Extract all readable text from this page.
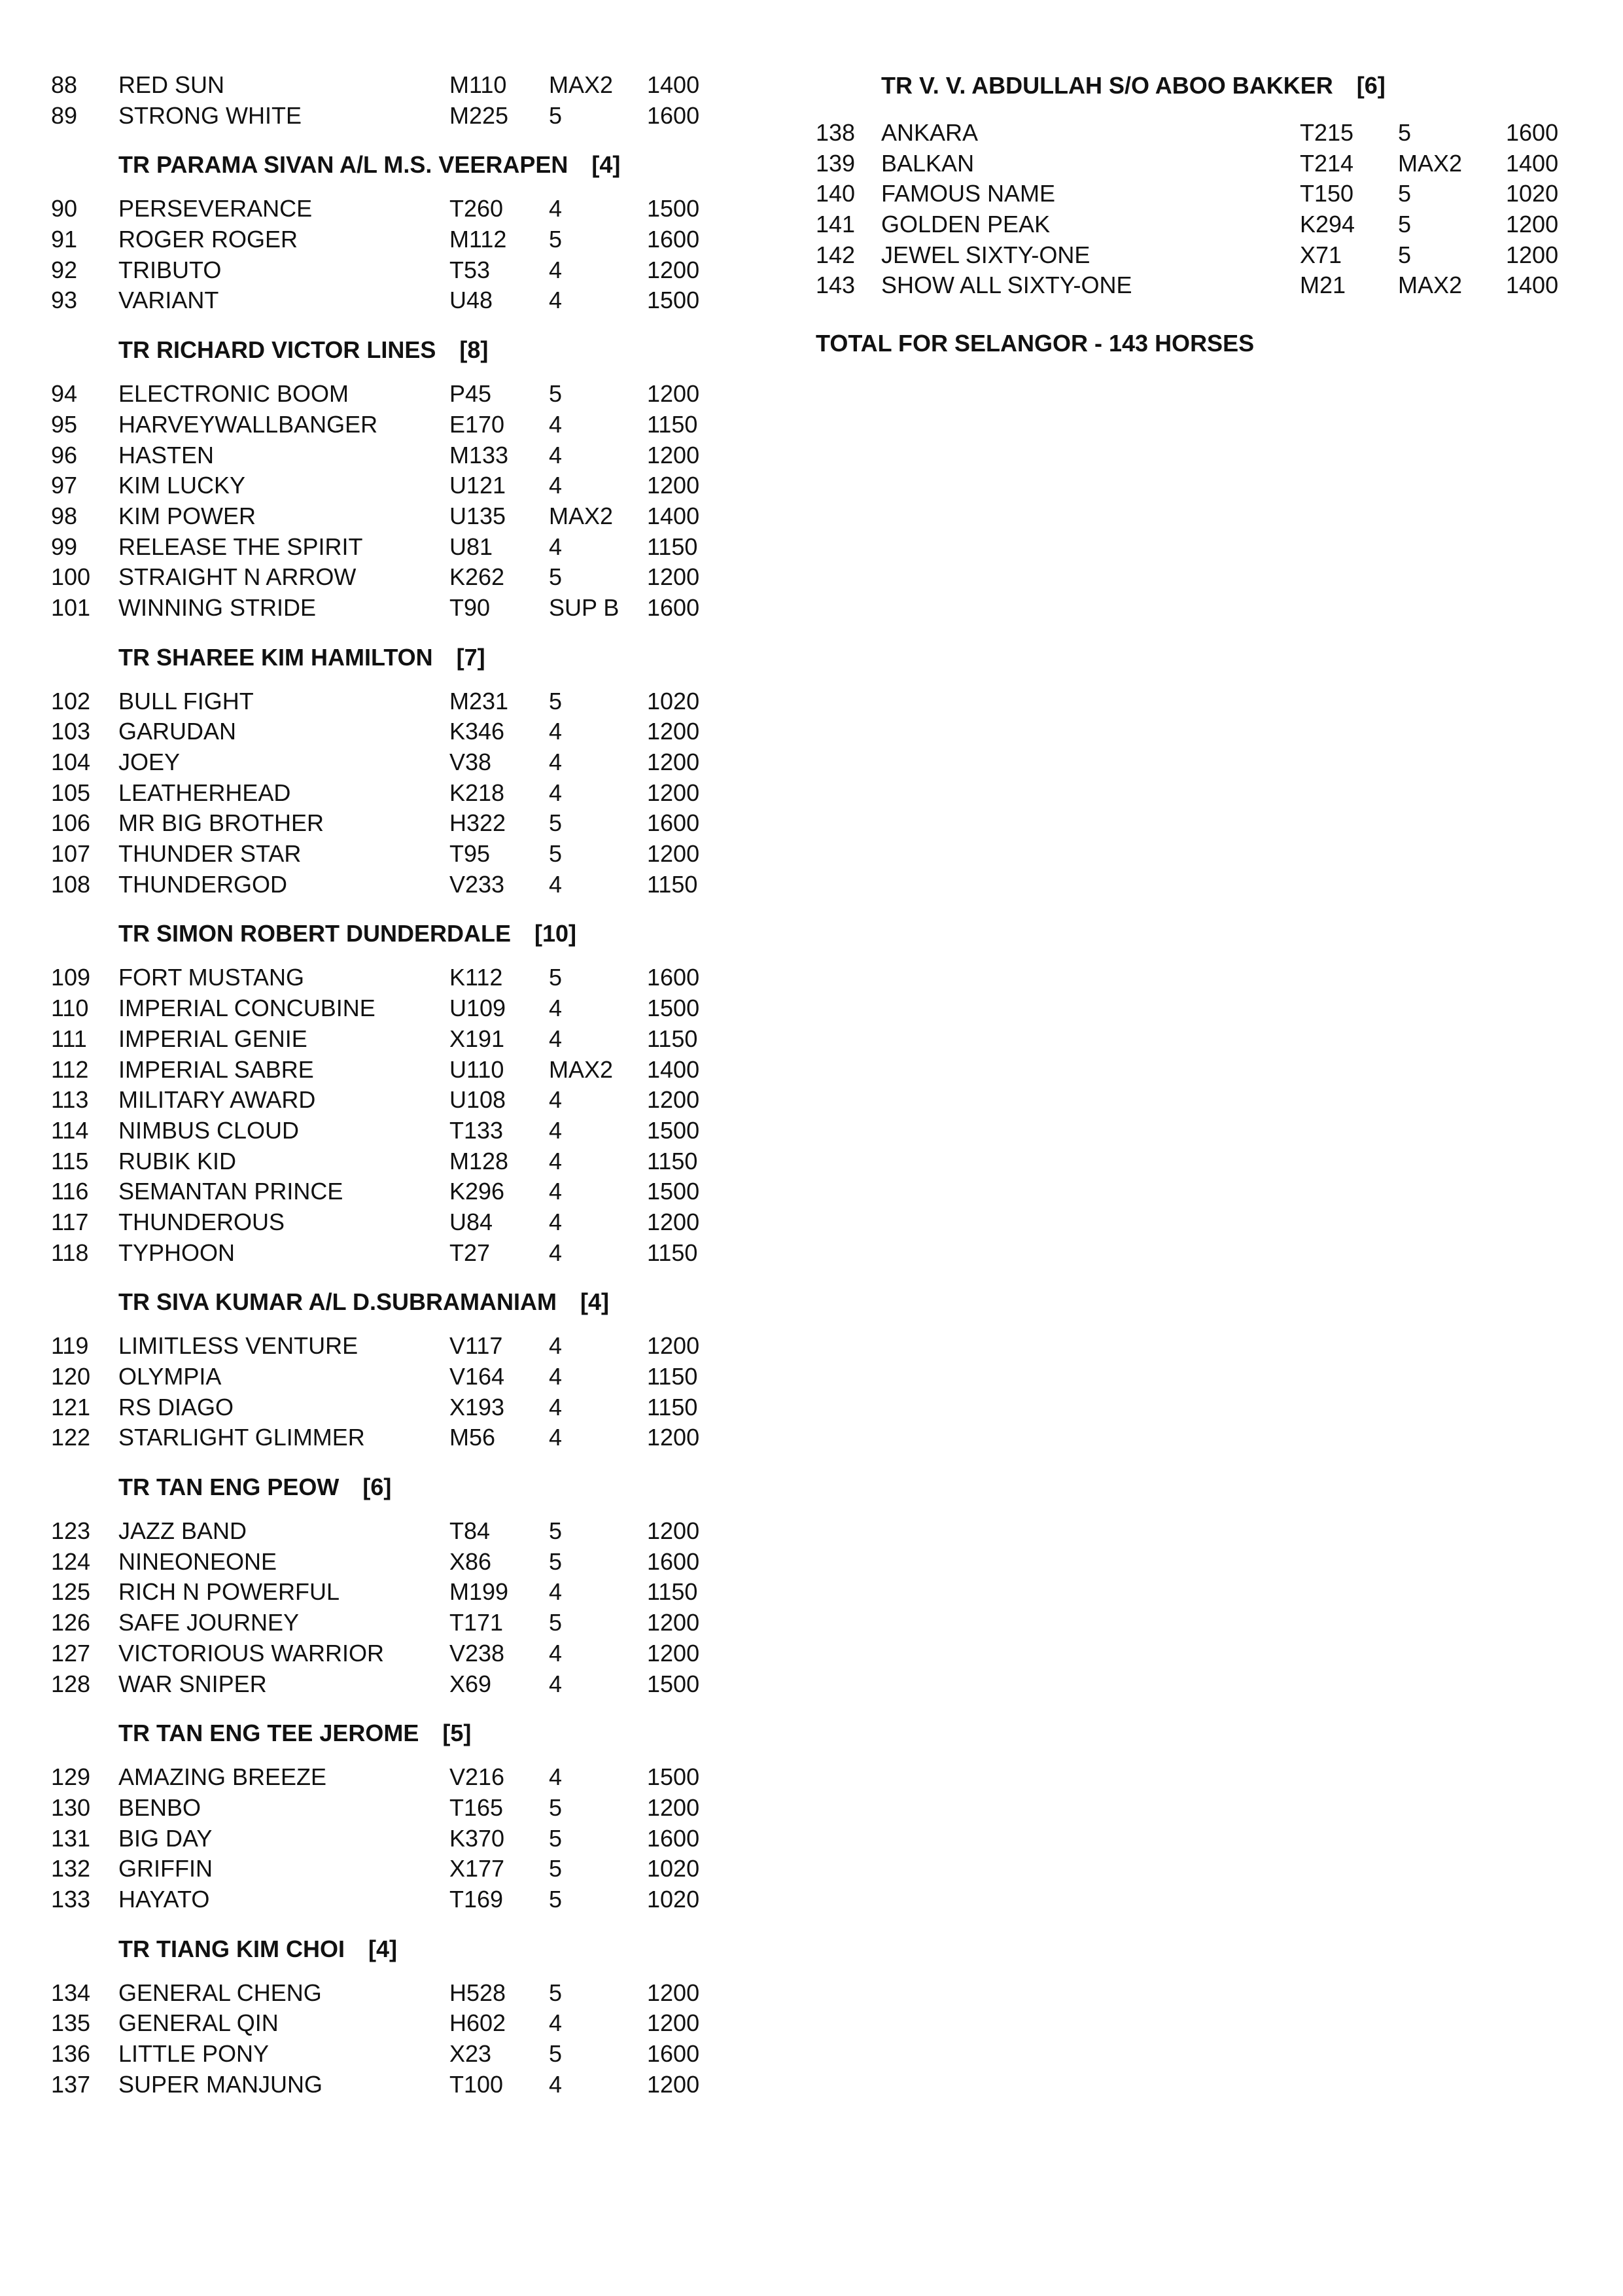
88	RED SUN	M110	MAX2	1400
89	STRONG WHITE	M225	5	1600
TR PARAMA SIVAN A/L M.S. VEERAPEN [4]
90	PERSEVERANCE	T260	4	1500
91	ROGER ROGER	M112	5	1600
92	TRIBUTO	T53	4	1200
93	VARIANT	U48	4	1500
TR RICHARD VICTOR LINES [8]
94	ELECTRONIC BOOM	P45	5	1200
95	HARVEYWALLBANGER	E170	4	1150
96	HASTEN	M133	4	1200
97	KIM LUCKY	U121	4	1200
98	KIM POWER	U135	MAX2	1400
99	RELEASE THE SPIRIT	U81	4	1150
100	STRAIGHT N ARROW	K262	5	1200
101	WINNING STRIDE	T90	SUP B	1600
TR SHAREE KIM HAMILTON [7]
102	BULL FIGHT	M231	5	1020
103	GARUDAN	K346	4	1200
104	JOEY	V38	4	1200
105	LEATHERHEAD	K218	4	1200
106	MR BIG BROTHER	H322	5	1600
107	THUNDER STAR	T95	5	1200
108	THUNDERGOD	V233	4	1150
TR SIMON ROBERT DUNDERDALE [10]
109	FORT MUSTANG	K112	5	1600
110	IMPERIAL CONCUBINE	U109	4	1500
111	IMPERIAL GENIE	X191	4	1150
112	IMPERIAL SABRE	U110	MAX2	1400
113	MILITARY AWARD	U108	4	1200
114	NIMBUS CLOUD	T133	4	1500
115	RUBIK KID	M128	4	1150
116	SEMANTAN PRINCE	K296	4	1500
117	THUNDEROUS	U84	4	1200
118	TYPHOON	T27	4	1150
TR SIVA KUMAR A/L D.SUBRAMANIAM [4]
119	LIMITLESS VENTURE	V117	4	1200
120	OLYMPIA	V164	4	1150
121	RS DIAGO	X193	4	1150
122	STARLIGHT GLIMMER	M56	4	1200
TR TAN ENG PEOW [6]
123	JAZZ BAND	T84	5	1200
124	NINEONEONE	X86	5	1600
125	RICH N POWERFUL	M199	4	1150
126	SAFE JOURNEY	T171	5	1200
127	VICTORIOUS WARRIOR	V238	4	1200
128	WAR SNIPER	X69	4	1500
TR TAN ENG TEE JEROME [5]
129	AMAZING BREEZE	V216	4	1500
130	BENBO	T165	5	1200
131	BIG DAY	K370	5	1600
132	GRIFFIN	X177	5	1020
133	HAYATO	T169	5	1020
TR TIANG KIM CHOI [4]
134	GENERAL CHENG	H528	5	1200
135	GENERAL QIN	H602	4	1200
136	LITTLE PONY	X23	5	1600
137	SUPER MANJUNG	T100	4	1200
TR V. V. ABDULLAH S/O ABOO BAKKER [6]
138	ANKARA	T215	5	1600
139	BALKAN	T214	MAX2	1400
140	FAMOUS NAME	T150	5	1020
141	GOLDEN PEAK	K294	5	1200
142	JEWEL SIXTY-ONE	X71	5	1200
143	SHOW ALL SIXTY-ONE	M21	MAX2	1400
TOTAL FOR SELANGOR - 143 HORSES
